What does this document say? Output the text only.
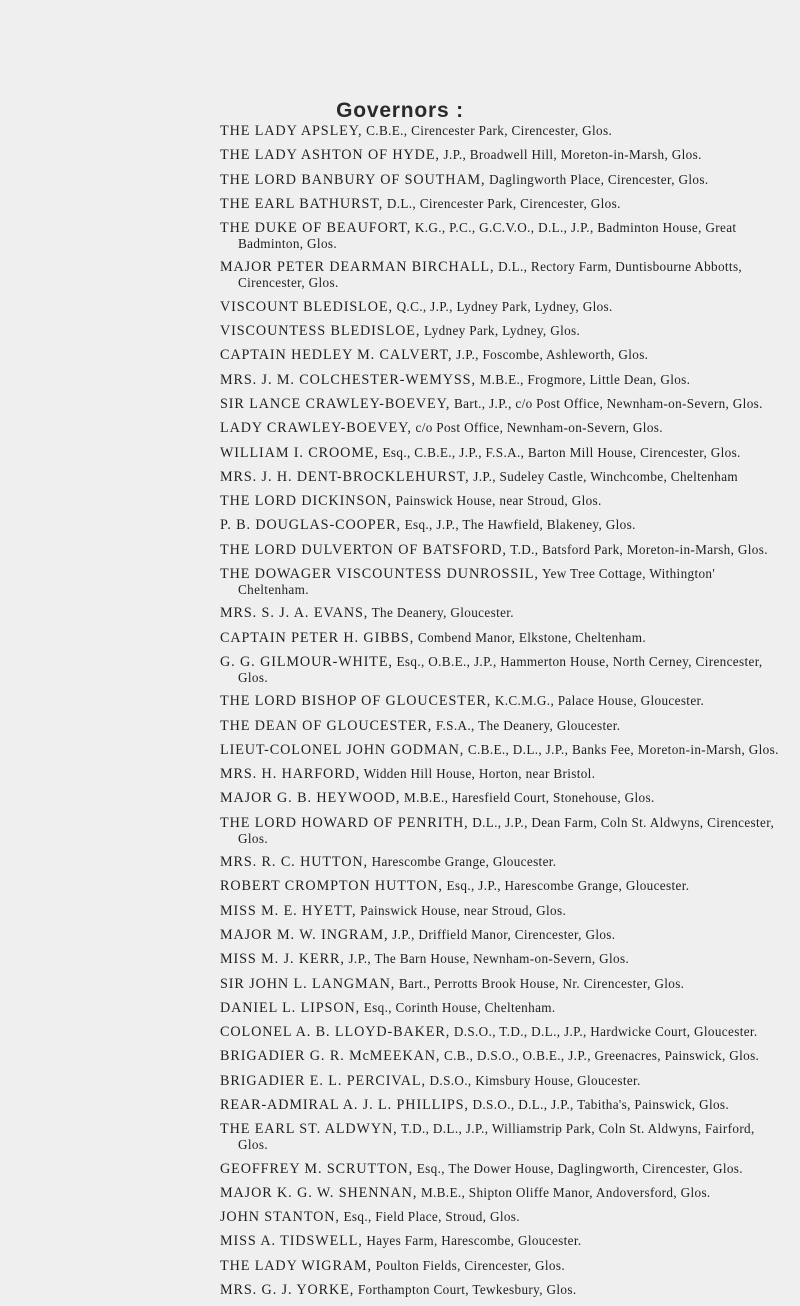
Governors :
THE LADY APSLEY, C.B.E., Cirencester Park, Cirencester, Glos.
THE LADY ASHTON OF HYDE, J.P., Broadwell Hill, Moreton-in-Marsh, Glos.
THE LORD BANBURY OF SOUTHAM, Daglingworth Place, Cirencester, Glos.
THE EARL BATHURST, D.L., Cirencester Park, Cirencester, Glos.
THE DUKE OF BEAUFORT, K.G., P.C., G.C.V.O., D.L., J.P., Badminton House, Great Badminton, Glos.
MAJOR PETER DEARMAN BIRCHALL, D.L., Rectory Farm, Duntisbourne Abbotts, Cirencester, Glos.
VISCOUNT BLEDISLOE, Q.C., J.P., Lydney Park, Lydney, Glos.
VISCOUNTESS BLEDISLOE, Lydney Park, Lydney, Glos.
CAPTAIN HEDLEY M. CALVERT, J.P., Foscombe, Ashleworth, Glos.
MRS. J. M. COLCHESTER-WEMYSS, M.B.E., Frogmore, Little Dean, Glos.
SIR LANCE CRAWLEY-BOEVEY, Bart., J.P., c/o Post Office, Newnham-on-Severn, Glos.
LADY CRAWLEY-BOEVEY, c/o Post Office, Newnham-on-Severn, Glos.
WILLIAM I. CROOME, Esq., C.B.E., J.P., F.S.A., Barton Mill House, Cirencester, Glos.
MRS. J. H. DENT-BROCKLEHURST, J.P., Sudeley Castle, Winchcombe, Cheltenham
THE LORD DICKINSON, Painswick House, near Stroud, Glos.
P. B. DOUGLAS-COOPER, Esq., J.P., The Hawfield, Blakeney, Glos.
THE LORD DULVERTON OF BATSFORD, T.D., Batsford Park, Moreton-in-Marsh, Glos.
THE DOWAGER VISCOUNTESS DUNROSSIL, Yew Tree Cottage, Withington' Cheltenham.
MRS. S. J. A. EVANS, The Deanery, Gloucester.
CAPTAIN PETER H. GIBBS, Combend Manor, Elkstone, Cheltenham.
G. G. GILMOUR-WHITE, Esq., O.B.E., J.P., Hammerton House, North Cerney, Cirencester, Glos.
THE LORD BISHOP OF GLOUCESTER, K.C.M.G., Palace House, Gloucester.
THE DEAN OF GLOUCESTER, F.S.A., The Deanery, Gloucester.
LIEUT-COLONEL JOHN GODMAN, C.B.E., D.L., J.P., Banks Fee, Moreton-in-Marsh, Glos.
MRS. H. HARFORD, Widden Hill House, Horton, near Bristol.
MAJOR G. B. HEYWOOD, M.B.E., Haresfield Court, Stonehouse, Glos.
THE LORD HOWARD OF PENRITH, D.L., J.P., Dean Farm, Coln St. Aldwyns, Cirencester, Glos.
MRS. R. C. HUTTON, Harescombe Grange, Gloucester.
ROBERT CROMPTON HUTTON, Esq., J.P., Harescombe Grange, Gloucester.
MISS M. E. HYETT, Painswick House, near Stroud, Glos.
MAJOR M. W. INGRAM, J.P., Driffield Manor, Cirencester, Glos.
MISS M. J. KERR, J.P., The Barn House, Newnham-on-Severn, Glos.
SIR JOHN L. LANGMAN, Bart., Perrotts Brook House, Nr. Cirencester, Glos.
DANIEL L. LIPSON, Esq., Corinth House, Cheltenham.
COLONEL A. B. LLOYD-BAKER, D.S.O., T.D., D.L., J.P., Hardwicke Court, Gloucester.
BRIGADIER G. R. McMEEKAN, C.B., D.S.O., O.B.E., J.P., Greenacres, Painswick, Glos.
BRIGADIER E. L. PERCIVAL, D.S.O., Kimsbury House, Gloucester.
REAR-ADMIRAL A. J. L. PHILLIPS, D.S.O., D.L., J.P., Tabitha's, Painswick, Glos.
THE EARL ST. ALDWYN, T.D., D.L., J.P., Williamstrip Park, Coln St. Aldwyns, Fairford, Glos.
GEOFFREY M. SCRUTTON, Esq., The Dower House, Daglingworth, Cirencester, Glos.
MAJOR K. G. W. SHENNAN, M.B.E., Shipton Oliffe Manor, Andoversford, Glos.
JOHN STANTON, Esq., Field Place, Stroud, Glos.
MISS A. TIDSWELL, Hayes Farm, Harescombe, Gloucester.
THE LADY WIGRAM, Poulton Fields, Cirencester, Glos.
MRS. G. J. YORKE, Forthampton Court, Tewkesbury, Glos.
